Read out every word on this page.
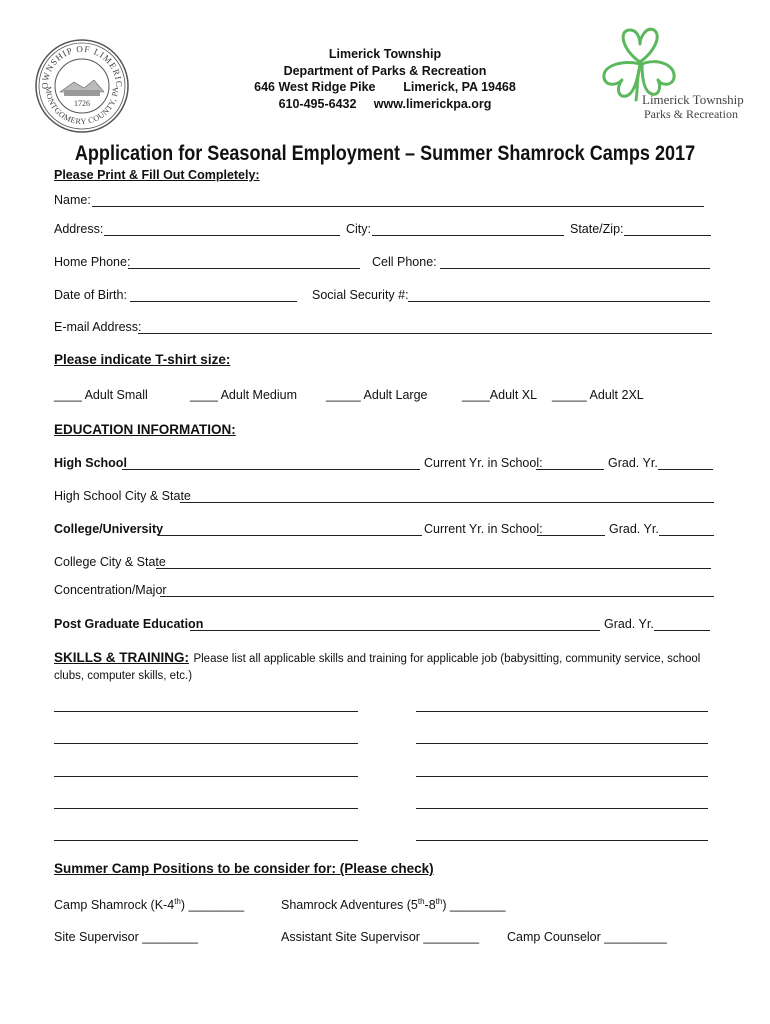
OWNSHIP OF LIMERIC
MONTGOMERY COUNTY, PA
1726
Limerick Township
Department of Parks & Recreation
646 West Ridge Pike        Limerick, PA 19468
610-495-6432     www.limerickpa.org	Limerick Township
Parks & Recreation
Application for Seasonal Employment – Summer Shamrock Camps 2017
Please Print & Fill Out Completely:
Name:
Address:	City:	State/Zip:
Home Phone:	Cell Phone:
Date of Birth:	Social Security #:
E-mail Address:
Please indicate T-shirt size:
____ Adult Small	____ Adult Medium _____ Adult Large	____Adult XL _____ Adult 2XL
EDUCATION INFORMATION:
High School	Current Yr. in School:	Grad. Yr.
High School City & State
College/University	Current Yr. in School:	Grad. Yr.
College City & State
Concentration/Major
Post Graduate Education	Grad. Yr.
SKILLS & TRAINING: Please list all applicable skills and training for applicable job (babysitting, community service, school clubs, computer skills, etc.)
Summer Camp Positions to be consider for: (Please check)
Camp Shamrock (K-4th) ________	Shamrock Adventures (5th-8th) ________
Site Supervisor ________	Assistant Site Supervisor ________ Camp Counselor _________
